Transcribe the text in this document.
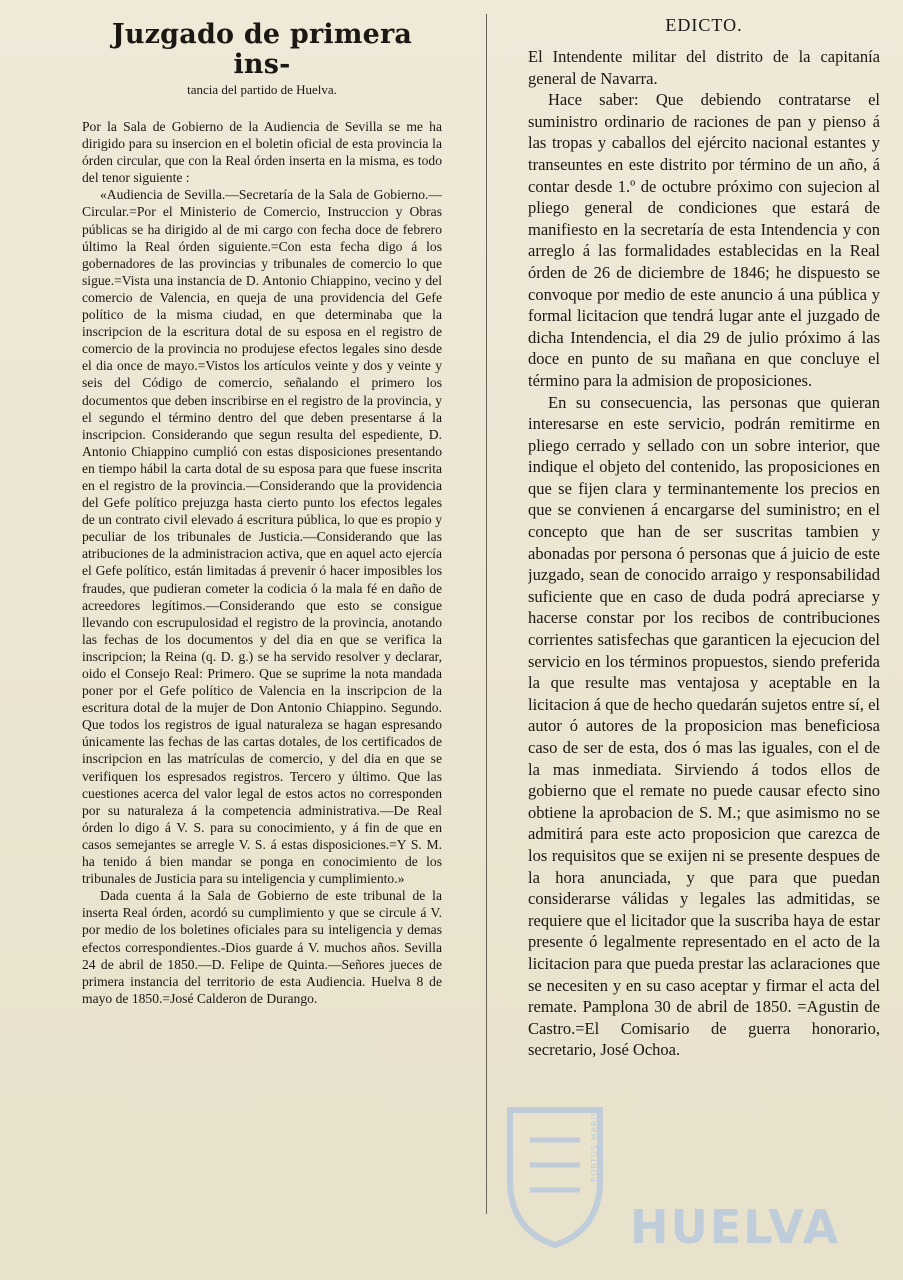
Juzgado de primera ins-
tancia del partido de Huelva.

Por la Sala de Gobierno de la Audiencia de Sevilla se me ha dirigido para su insercion en el boletin oficial de esta provincia la órden circular, que con la Real órden inserta en la misma, es todo del tenor siguiente :

«Audiencia de Sevilla.—Secretaría de la Sala de Gobierno.—Circular.=Por el Ministerio de Comercio, Instruccion y Obras públicas se ha dirigido al de mi cargo con fecha doce de febrero último la Real órden siguiente.=Con esta fecha digo á los gobernadores de las provincias y tribunales de comercio lo que sigue.=Vista una instancia de D. Antonio Chiappino, vecino y del comercio de Valencia, en queja de una providencia del Gefe político de la misma ciudad, en que determinaba que la inscripcion de la escritura dotal de su esposa en el registro de comercio de la provincia no produjese efectos legales sino desde el dia once de mayo.=Vistos los artículos veinte y dos y veinte y seis del Código de comercio, señalando el primero los documentos que deben inscribirse en el registro de la provincia, y el segundo el término dentro del que deben presentarse á la inscripcion. Considerando que segun resulta del espediente, D. Antonio Chiappino cumplió con estas disposiciones presentando en tiempo hábil la carta dotal de su esposa para que fuese inscrita en el registro de la provincia.—Considerando que la providencia del Gefe político prejuzga hasta cierto punto los efectos legales de un contrato civil elevado á escritura pública, lo que es propio y peculiar de los tribunales de Justicia.—Considerando que las atribuciones de la administracion activa, que en aquel acto ejercía el Gefe político, están limitadas á prevenir ó hacer imposibles los fraudes, que pudieran cometer la codicia ó la mala fé en daño de acreedores legítimos.—Considerando que esto se consigue llevando con escrupulosidad el registro de la provincia, anotando las fechas de los documentos y del dia en que se verifica la inscripcion; la Reina (q. D. g.) se ha servido resolver y declarar, oido el Consejo Real: Primero. Que se suprime la nota mandada poner por el Gefe político de Valencia en la inscripcion de la escritura dotal de la mujer de Don Antonio Chiappino. Segundo. Que todos los registros de igual naturaleza se hagan espresando únicamente las fechas de las cartas dotales, de los certificados de inscripcion en las matrículas de comercio, y del dia en que se verifiquen los espresados registros. Tercero y último. Que las cuestiones acerca del valor legal de estos actos no corresponden por su naturaleza á la competencia administrativa.—De Real órden lo digo á V. S. para su conocimiento, y á fin de que en casos semejantes se arregle V. S. á estas disposiciones.=Y S. M. ha tenido á bien mandar se ponga en conocimiento de los tribunales de Justicia para su inteligencia y cumplimiento.»

Dada cuenta á la Sala de Gobierno de este tribunal de la inserta Real órden, acordó su cumplimiento y que se circule á V. por medio de los boletines oficiales para su inteligencia y demas efectos correspondientes.-Dios guarde á V. muchos años. Sevilla 24 de abril de 1850.—D. Felipe de Quinta.—Señores jueces de primera instancia del territorio de esta Audiencia. Huelva 8 de mayo de 1850.=José Calderon de Durango.

EDICTO.

El Intendente militar del distrito de la capitanía general de Navarra.

Hace saber: Que debiendo contratarse el suministro ordinario de raciones de pan y pienso á las tropas y caballos del ejército nacional estantes y transeuntes en este distrito por término de un año, á contar desde 1.º de octubre próximo con sujecion al pliego general de condiciones que estará de manifiesto en la secretaría de esta Intendencia y con arreglo á las formalidades establecidas en la Real órden de 26 de diciembre de 1846; he dispuesto se convoque por medio de este anuncio á una pública y formal licitacion que tendrá lugar ante el juzgado de dicha Intendencia, el dia 29 de julio próximo á las doce en punto de su mañana en que concluye el término para la admision de proposiciones.

En su consecuencia, las personas que quieran interesarse en este servicio, podrán remitirme en pliego cerrado y sellado con un sobre interior, que indique el objeto del contenido, las proposiciones en que se fijen clara y terminantemente los precios en que se convienen á encargarse del suministro; en el concepto que han de ser suscritas tambien y abonadas por persona ó personas que á juicio de este juzgado, sean de conocido arraigo y responsabilidad suficiente que en caso de duda podrá apreciarse y hacerse constar por los recibos de contribuciones corrientes satisfechas que garanticen la ejecucion del servicio en los términos propuestos, siendo preferida la que resulte mas ventajosa y aceptable en la licitacion á que de hecho quedarán sujetos entre sí, el autor ó autores de la proposicion mas beneficiosa caso de ser de esta, dos ó mas las iguales, con el de la mas inmediata. Sirviendo á todos ellos de gobierno que el remate no puede causar efecto sino obtiene la aprobacion de S. M.; que asimismo no se admitirá para este acto proposicion que carezca de los requisitos que se exijen ni se presente despues de la hora anunciada, y que para que puedan considerarse válidas y legales las admitidas, se requiere que el licitador que la suscriba haya de estar presente ó legalmente representado en el acto de la licitacion para que pueda prestar las aclaraciones que se necesiten y en su caso aceptar y firmar el acta del remate. Pamplona 30 de abril de 1850. =Agustin de Castro.=El Comisario de guerra honorario, secretario, José Ochoa.

PORTUS MARIS
HUELVA
